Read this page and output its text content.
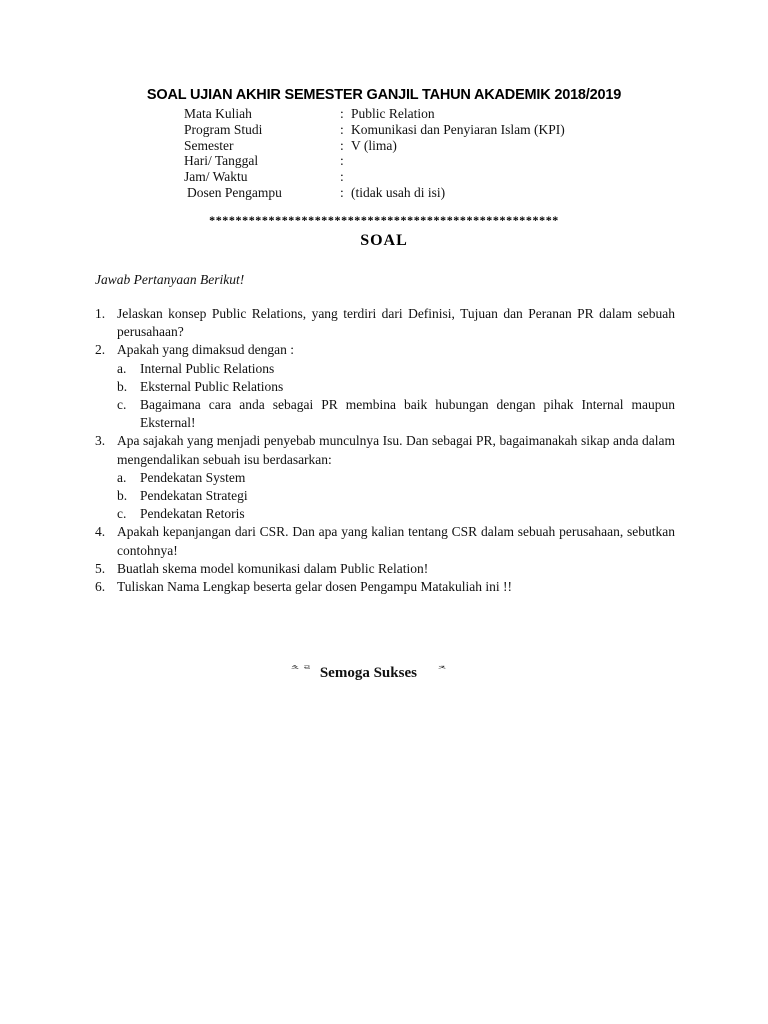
SOAL UJIAN AKHIR SEMESTER GANJIL TAHUN AKADEMIK 2018/2019
Mata Kuliah	: Public Relation
Program Studi	: Komunikasi dan Penyiaran Islam (KPI)
Semester	: V (lima)
Hari/ Tanggal	:
Jam/ Waktu	:
Dosen Pengampu	: (tidak usah di isi)
*****************************************************
SOAL
Jawab Pertanyaan Berikut!
1. Jelaskan konsep Public Relations, yang terdiri dari Definisi, Tujuan dan Peranan PR dalam sebuah perusahaan?
2. Apakah yang dimaksud dengan :
a. Internal Public Relations
b. Eksternal Public Relations
c. Bagaimana cara anda sebagai PR membina baik hubungan dengan pihak Internal maupun Eksternal!
3. Apa sajakah yang menjadi penyebab munculnya Isu. Dan sebagai PR, bagaimanakah sikap anda dalam mengendalikan sebuah isu berdasarkan:
a. Pendekatan System
b. Pendekatan Strategi
c. Pendekatan Retoris
4. Apakah kepanjangan dari CSR. Dan apa yang kalian tentang CSR dalam sebuah perusahaan, sebutkan contohnya!
5. Buatlah skema model komunikasi dalam Public Relation!
6. Tuliskan Nama Lengkap beserta gelar dosen Pengampu Matakuliah ini !!
ᄎ ᄅ Semoga Sukses ᄌ
